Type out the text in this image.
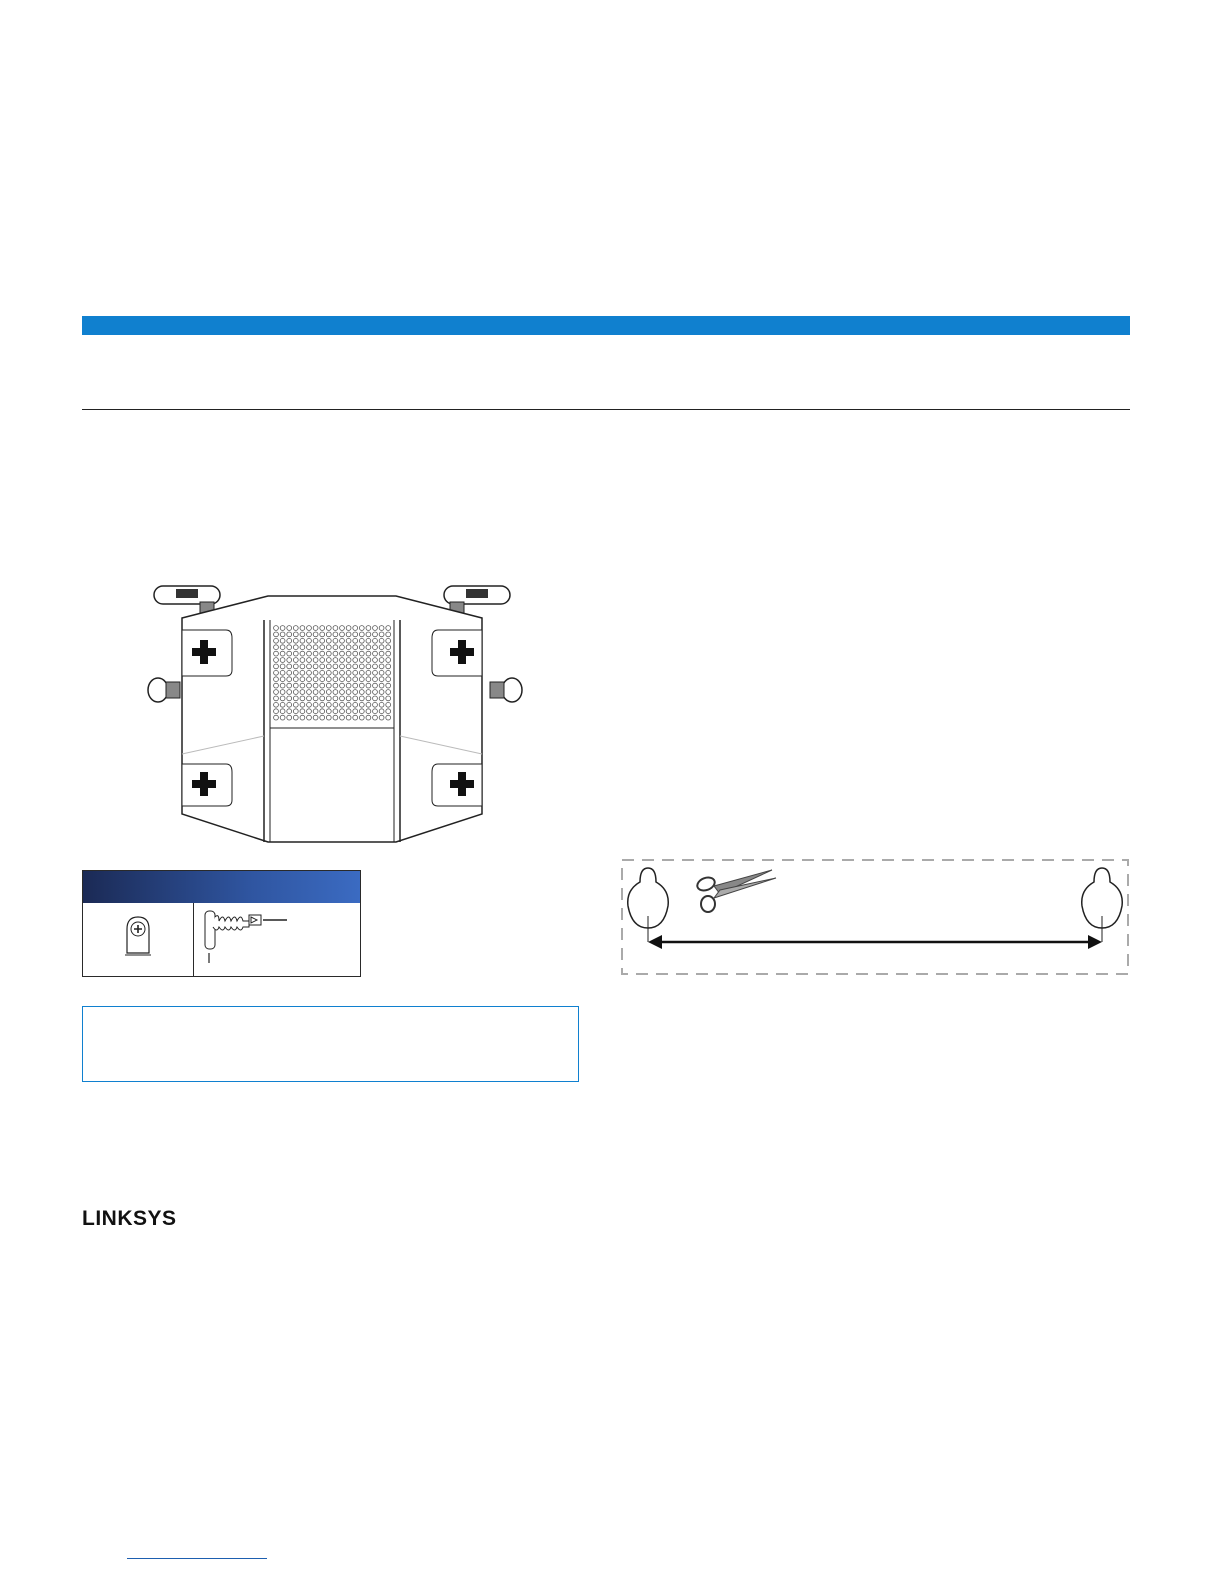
LINKSYS
